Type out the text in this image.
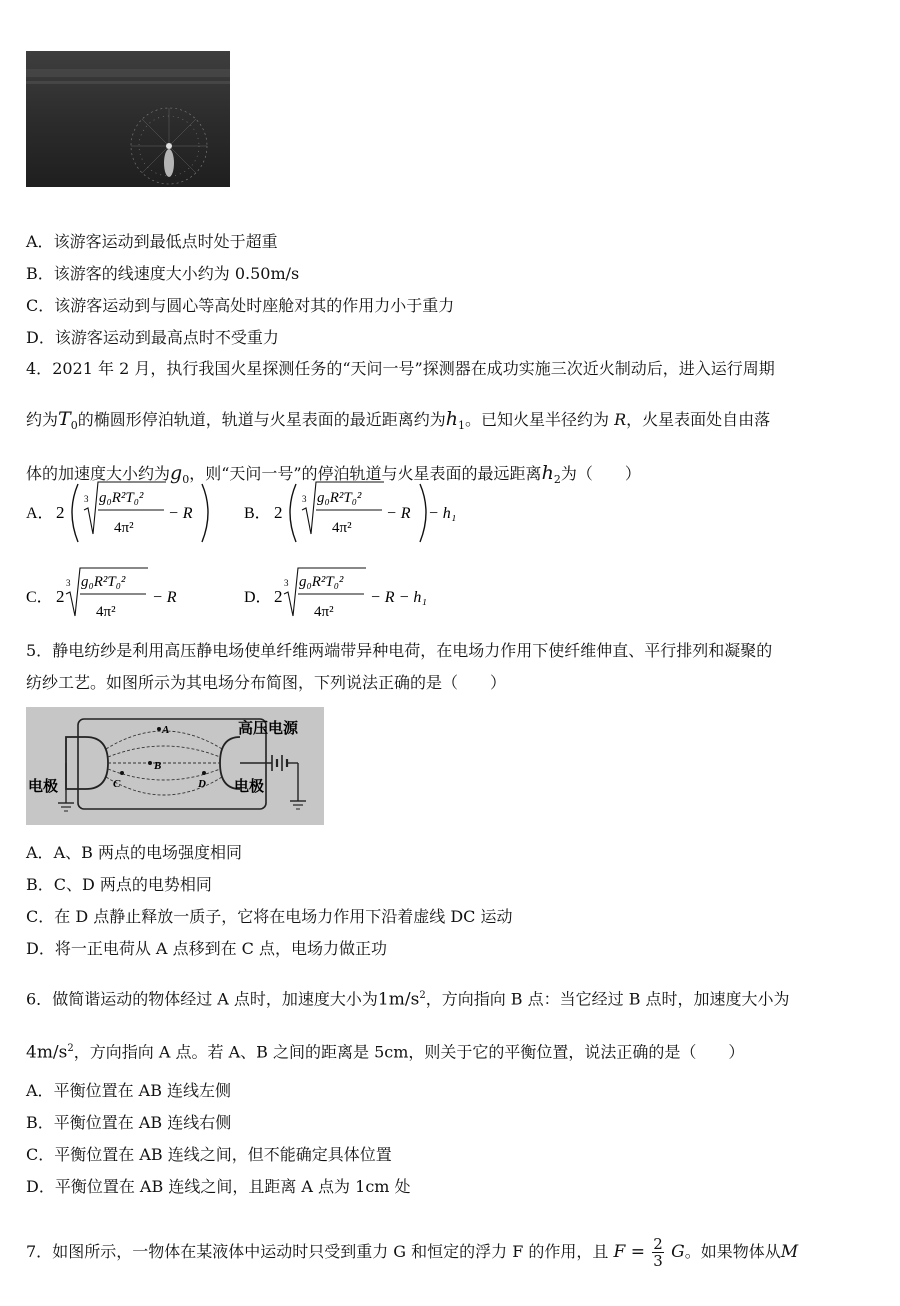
A．该游客运动到最低点时处于超重
B．该游客的线速度大小约为 0.50m/s
C．该游客运动到与圆心等高处时座舱对其的作用力小于重力
D．该游客运动到最高点时不受重力
4．2021 年 2 月，执行我国火星探测任务的“天问一号”探测器在成功实施三次近火制动后，进入运行周期
约为$T_0$的椭圆形停泊轨道，轨道与火星表面的最近距离约为$h_1$。已知火星半径约为 R，火星表面处自由落
体的加速度大小约为$g_0$，则“天问一号”的停泊轨道与火星表面的最远距离$h_2$为（　　）
A． 2
3 g₀R²T₀²
4π²
− R	B． 2
3 g₀R²T₀²
4π²
− R − h₁
C． 2
3 g₀R²T₀²
4π²
− R	D． 2
3 g₀R²T₀²
4π²
− R − h₁
5．静电纺纱是利用高压静电场使单纤维两端带异种电荷，在电场力作用下使纤维伸直、平行排列和凝聚的
纺纱工艺。如图所示为其电场分布简图，下列说法正确的是（　　）
A
B
C	D
高压电源
电极	电极
A．A、B 两点的电场强度相同
B．C、D 两点的电势相同
C．在 D 点静止释放一质子，它将在电场力作用下沿着虚线 DC 运动
D．将一正电荷从 A 点移到在 C 点，电场力做正功
6．做简谐运动的物体经过 A 点时，加速度大小为$1m/s^2$，方向指向 B 点：当它经过 B 点时，加速度大小为
$4m/s^2$，方向指向 A 点。若 A、B 之间的距离是 5cm，则关于它的平衡位置，说法正确的是（　　）
A．平衡位置在 AB 连线左侧
B．平衡位置在 AB 连线右侧
C．平衡位置在 AB 连线之间，但不能确定具体位置
D．平衡位置在 AB 连线之间，且距离 A 点为 1cm 处
7．如图所示，一物体在某液体中运动时只受到重力 G 和恒定的浮力 F 的作用，且 $F = \frac{2}{3}$ G。如果物体从M
